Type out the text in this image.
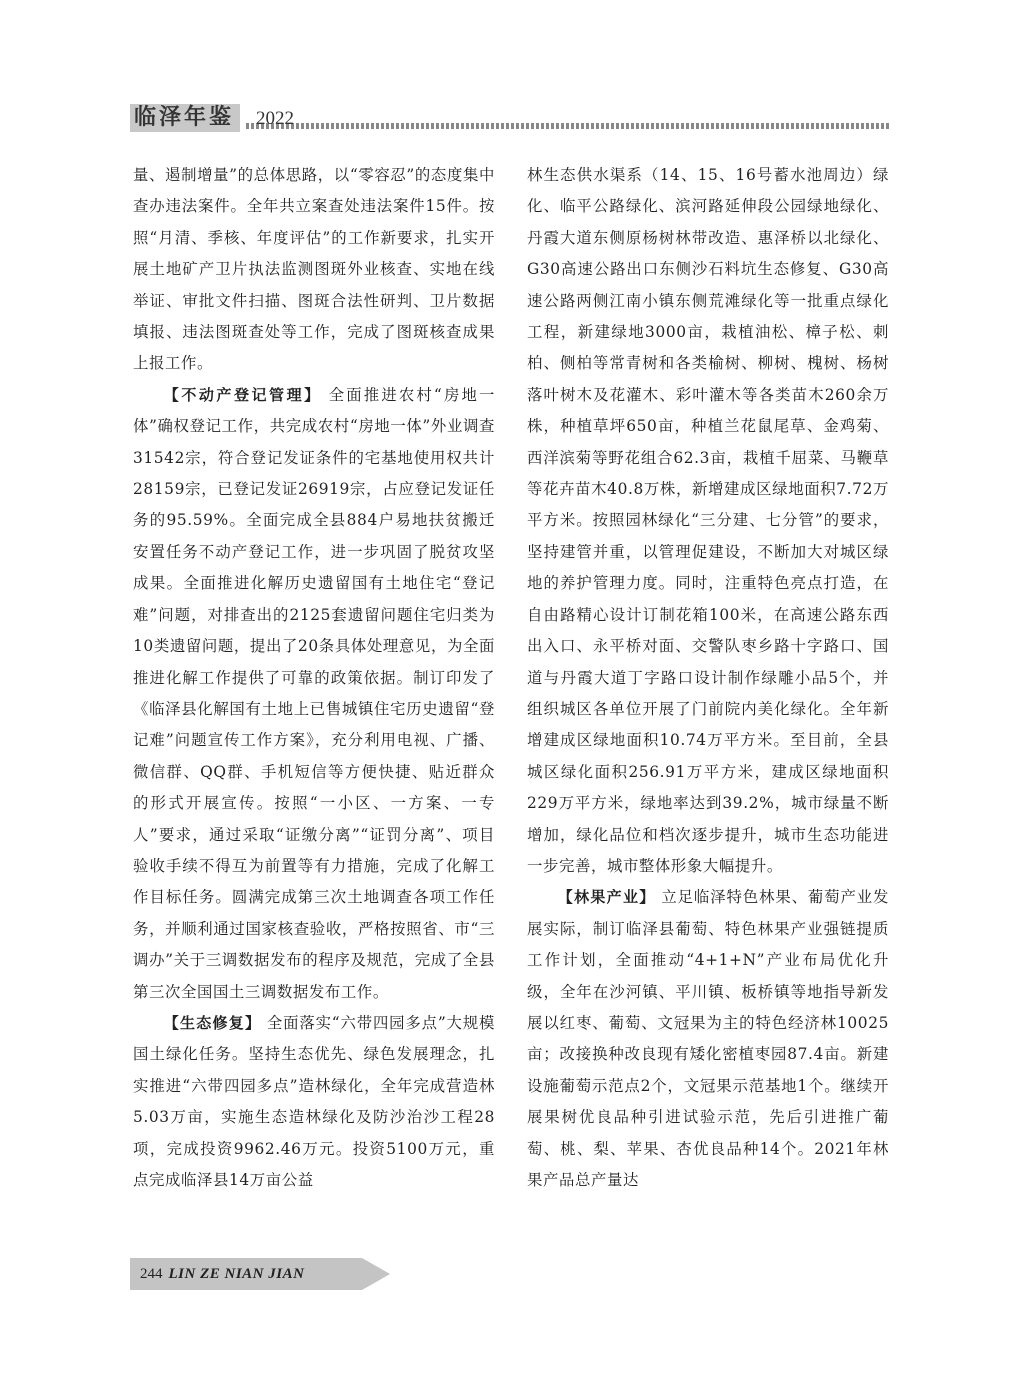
临泽年鉴	2022

量、遏制增量”的总体思路，以“零容忍”的态度集中查办违法案件。全年共立案查处违法案件15件。按照“月清、季核、年度评估”的工作新要求，扎实开展土地矿产卫片执法监测图斑外业核查、实地在线举证、审批文件扫描、图斑合法性研判、卫片数据填报、违法图斑查处等工作，完成了图斑核查成果上报工作。

【不动产登记管理】 全面推进农村“房地一体”确权登记工作，共完成农村“房地一体”外业调查31542宗，符合登记发证条件的宅基地使用权共计28159宗，已登记发证26919宗，占应登记发证任务的95.59%。全面完成全县884户易地扶贫搬迁安置任务不动产登记工作，进一步巩固了脱贫攻坚成果。全面推进化解历史遗留国有土地住宅“登记难”问题，对排查出的2125套遗留问题住宅归类为10类遗留问题，提出了20条具体处理意见，为全面推进化解工作提供了可靠的政策依据。制订印发了《临泽县化解国有土地上已售城镇住宅历史遗留“登记难”问题宣传工作方案》，充分利用电视、广播、微信群、QQ群、手机短信等方便快捷、贴近群众的形式开展宣传。按照“一小区、一方案、一专人”要求，通过采取“证缴分离”“证罚分离”、项目验收手续不得互为前置等有力措施，完成了化解工作目标任务。圆满完成第三次土地调查各项工作任务，并顺利通过国家核查验收，严格按照省、市“三调办”关于三调数据发布的程序及规范，完成了全县第三次全国国土三调数据发布工作。

【生态修复】 全面落实“六带四园多点”大规模国土绿化任务。坚持生态优先、绿色发展理念，扎实推进“六带四园多点”造林绿化，全年完成营造林5.03万亩，实施生态造林绿化及防沙治沙工程28项，完成投资9962.46万元。投资5100万元，重点完成临泽县14万亩公益

林生态供水渠系（14、15、16号蓄水池周边）绿化、临平公路绿化、滨河路延伸段公园绿地绿化、丹霞大道东侧原杨树林带改造、惠泽桥以北绿化、G30高速公路出口东侧沙石料坑生态修复、G30高速公路两侧江南小镇东侧荒滩绿化等一批重点绿化工程，新建绿地3000亩，栽植油松、樟子松、刺柏、侧柏等常青树和各类榆树、柳树、槐树、杨树落叶树木及花灌木、彩叶灌木等各类苗木260余万株，种植草坪650亩，种植兰花鼠尾草、金鸡菊、西洋滨菊等野花组合62.3亩，栽植千屈菜、马鞭草等花卉苗木40.8万株，新增建成区绿地面积7.72万平方米。按照园林绿化“三分建、七分管”的要求，坚持建管并重，以管理促建设，不断加大对城区绿地的养护管理力度。同时，注重特色亮点打造，在自由路精心设计订制花箱100米，在高速公路东西出入口、永平桥对面、交警队枣乡路十字路口、国道与丹霞大道丁字路口设计制作绿雕小品5个，并组织城区各单位开展了门前院内美化绿化。全年新增建成区绿地面积10.74万平方米。至目前，全县城区绿化面积256.91万平方米，建成区绿地面积229万平方米，绿地率达到39.2%，城市绿量不断增加，绿化品位和档次逐步提升，城市生态功能进一步完善，城市整体形象大幅提升。

【林果产业】 立足临泽特色林果、葡萄产业发展实际，制订临泽县葡萄、特色林果产业强链提质工作计划，全面推动“4+1+N”产业布局优化升级，全年在沙河镇、平川镇、板桥镇等地指导新发展以红枣、葡萄、文冠果为主的特色经济林10025亩；改接换种改良现有矮化密植枣园87.4亩。新建设施葡萄示范点2个，文冠果示范基地1个。继续开展果树优良品种引进试验示范，先后引进推广葡萄、桃、梨、苹果、杏优良品种14个。2021年林果产品总产量达

244 LIN ZE NIAN JIAN
